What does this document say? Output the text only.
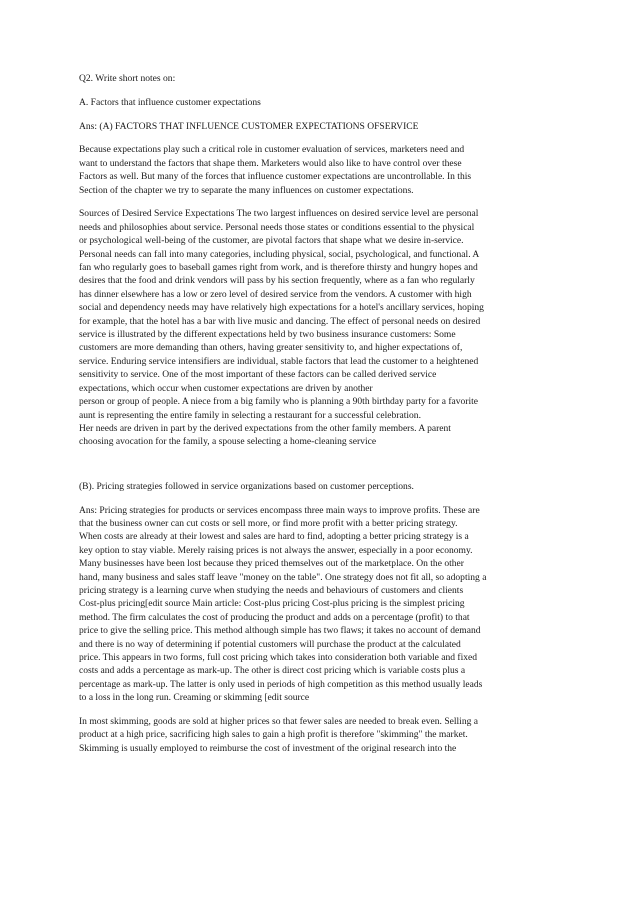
Q2. Write short notes on:

A. Factors that influence customer expectations

Ans: (A) FACTORS THAT INFLUENCE CUSTOMER EXPECTATIONS OFSERVICE

Because expectations play such a critical role in customer evaluation of services, marketers need and
want to understand the factors that shape them. Marketers would also like to have control over these
Factors as well. But many of the forces that influence customer expectations are uncontrollable. In this
Section of the chapter we try to separate the many influences on customer expectations.

Sources of Desired Service Expectations The two largest influences on desired service level are personal
needs and philosophies about service. Personal needs those states or conditions essential to the physical
or psychological well-being of the customer, are pivotal factors that shape what we desire in-service.
Personal needs can fall into many categories, including physical, social, psychological, and functional. A
fan who regularly goes to baseball games right from work, and is therefore thirsty and hungry hopes and
desires that the food and drink vendors will pass by his section frequently, where as a fan who regularly
has dinner elsewhere has a low or zero level of desired service from the vendors. A customer with high
social and dependency needs may have relatively high expectations for a hotel's ancillary services, hoping
for example, that the hotel has a bar with live music and dancing. The effect of personal needs on desired
service is illustrated by the different expectations held by two business insurance customers: Some
customers are more demanding than others, having greater sensitivity to, and higher expectations of,
service. Enduring service intensifiers are individual, stable factors that lead the customer to a heightened
sensitivity to service. One of the most important of these factors can be called derived service
expectations, which occur when customer expectations are driven by another
person or group of people. A niece from a big family who is planning a 90th birthday party for a favorite
aunt is representing the entire family in selecting a restaurant for a successful celebration.
Her needs are driven in part by the derived expectations from the other family members. A parent
choosing avocation for the family, a spouse selecting a home-cleaning service

(B). Pricing strategies followed in service organizations based on customer perceptions.

Ans: Pricing strategies for products or services encompass three main ways to improve profits. These are
that the business owner can cut costs or sell more, or find more profit with a better pricing strategy.
When costs are already at their lowest and sales are hard to find, adopting a better pricing strategy is a
key option to stay viable. Merely raising prices is not always the answer, especially in a poor economy.
Many businesses have been lost because they priced themselves out of the marketplace. On the other
hand, many business and sales staff leave "money on the table". One strategy does not fit all, so adopting a
pricing strategy is a learning curve when studying the needs and behaviours of customers and clients
Cost-plus pricing[edit source Main article: Cost-plus pricing Cost-plus pricing is the simplest pricing
method. The firm calculates the cost of producing the product and adds on a percentage (profit) to that
price to give the selling price. This method although simple has two flaws; it takes no account of demand
and there is no way of determining if potential customers will purchase the product at the calculated
price. This appears in two forms, full cost pricing which takes into consideration both variable and fixed
costs and adds a percentage as mark-up. The other is direct cost pricing which is variable costs plus a
percentage as mark-up. The latter is only used in periods of high competition as this method usually leads
to a loss in the long run. Creaming or skimming [edit source

In most skimming, goods are sold at higher prices so that fewer sales are needed to break even. Selling a
product at a high price, sacrificing high sales to gain a high profit is therefore "skimming" the market.
Skimming is usually employed to reimburse the cost of investment of the original research into the
